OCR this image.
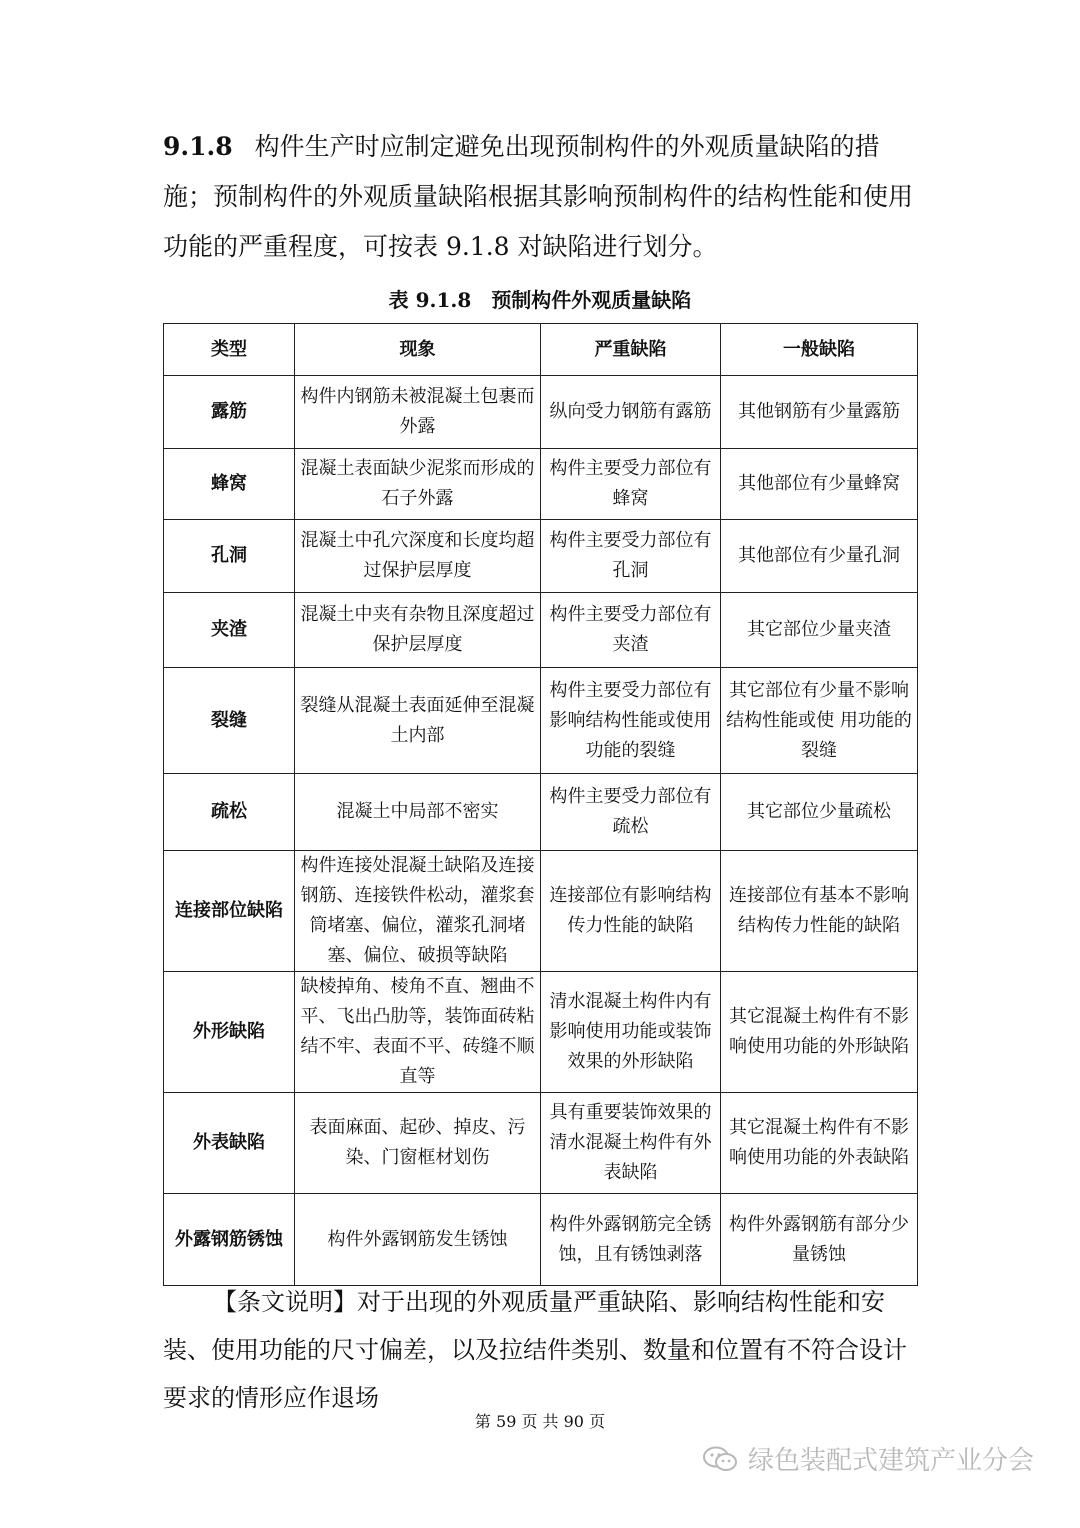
9.1.8 构件生产时应制定避免出现预制构件的外观质量缺陷的措施；预制构件的外观质量缺陷根据其影响预制构件的结构性能和使用功能的严重程度，可按表 9.1.8 对缺陷进行划分。

表 9.1.8 预制构件外观质量缺陷
类型	现象	严重缺陷	一般缺陷
露筋	构件内钢筋未被混凝土包裹而外露	纵向受力钢筋有露筋	其他钢筋有少量露筋
蜂窝	混凝土表面缺少泥浆而形成的石子外露	构件主要受力部位有蜂窝	其他部位有少量蜂窝
孔洞	混凝土中孔穴深度和长度均超过保护层厚度	构件主要受力部位有孔洞	其他部位有少量孔洞
夹渣	混凝土中夹有杂物且深度超过保护层厚度	构件主要受力部位有夹渣	其它部位少量夹渣
裂缝	裂缝从混凝土表面延伸至混凝土内部	构件主要受力部位有影响结构性能或使用功能的裂缝	其它部位有少量不影响结构性能或使 用功能的裂缝
疏松	混凝土中局部不密实	构件主要受力部位有疏松	其它部位少量疏松
连接部位缺陷	构件连接处混凝土缺陷及连接钢筋、连接铁件松动，灌浆套筒堵塞、偏位，灌浆孔洞堵塞、偏位、破损等缺陷	连接部位有影响结构传力性能的缺陷	连接部位有基本不影响结构传力性能的缺陷
外形缺陷	缺棱掉角、棱角不直、翘曲不平、飞出凸肋等，装饰面砖粘结不牢、表面不平、砖缝不顺直等	清水混凝土构件内有影响使用功能或装饰效果的外形缺陷	其它混凝土构件有不影响使用功能的外形缺陷
外表缺陷	表面麻面、起砂、掉皮、污染、门窗框材划伤	具有重要装饰效果的清水混凝土构件有外表缺陷	其它混凝土构件有不影响使用功能的外表缺陷
外露钢筋锈蚀	构件外露钢筋发生锈蚀	构件外露钢筋完全锈蚀，且有锈蚀剥落	构件外露钢筋有部分少量锈蚀

【条文说明】对于出现的外观质量严重缺陷、影响结构性能和安装、使用功能的尺寸偏差，以及拉结件类别、数量和位置有不符合设计要求的情形应作退场

第 59 页 共 90 页
绿色装配式建筑产业分会
